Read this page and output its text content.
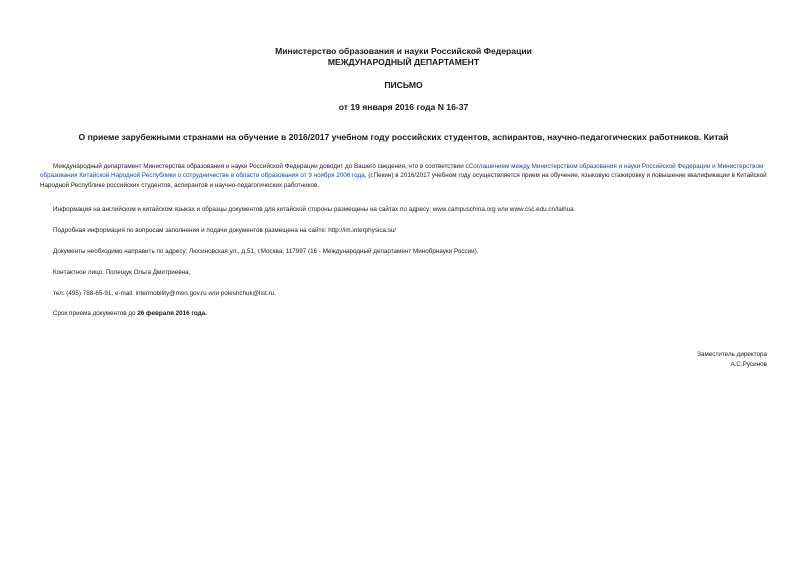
Министерство образования и науки Российской Федерации
МЕЖДУНАРОДНЫЙ ДЕПАРТАМЕНТ
ПИСЬМО
от 19 января 2016 года N 16-37
О приеме зарубежными странами на обучение в 2016/2017 учебном году российских студентов, аспирантов, научно-педагогических работников. Китай
Международный департамент Министерства образования и науки Российской Федерации доводит до Вашего сведения, что в соответствии сСоглашением между Министерством образования и науки Российской Федерации и Министерством образования Китайской Народной Республики о сотрудничестве в области образования от 9 ноября 2006 года, (г.Пекин) в 2016/2017 учебном году осуществляется прием на обучение, языковую стажировку и повышение квалификации в Китайской Народной Республике российских студентов, аспирантов и научно-педагогических работников.
Информация на английском и китайском языках и образцы документов для китайской стороны размещены на сайтах по адресу: www.campuschina.org или www.csc.edu.cn/laihua
Подробная информация по вопросам заполнения и подачи документов размещена на сайте: http://im.interphysica.su/
Документы необходимо направить по адресу: Люсиновская ул., д.51, г.Москва, 117997 (16 - Международный департамент Минобрнауки России).
Контактное лицо: Полещук Ольга Дмитриевна,
тел: (495) 788-65-91, e-mail: intermobility@mon.gov.ru или poleshchuk@list.ru.
Срок приема документов до 26 февраля 2016 года.
Заместитель директора
А.С.Русинов
